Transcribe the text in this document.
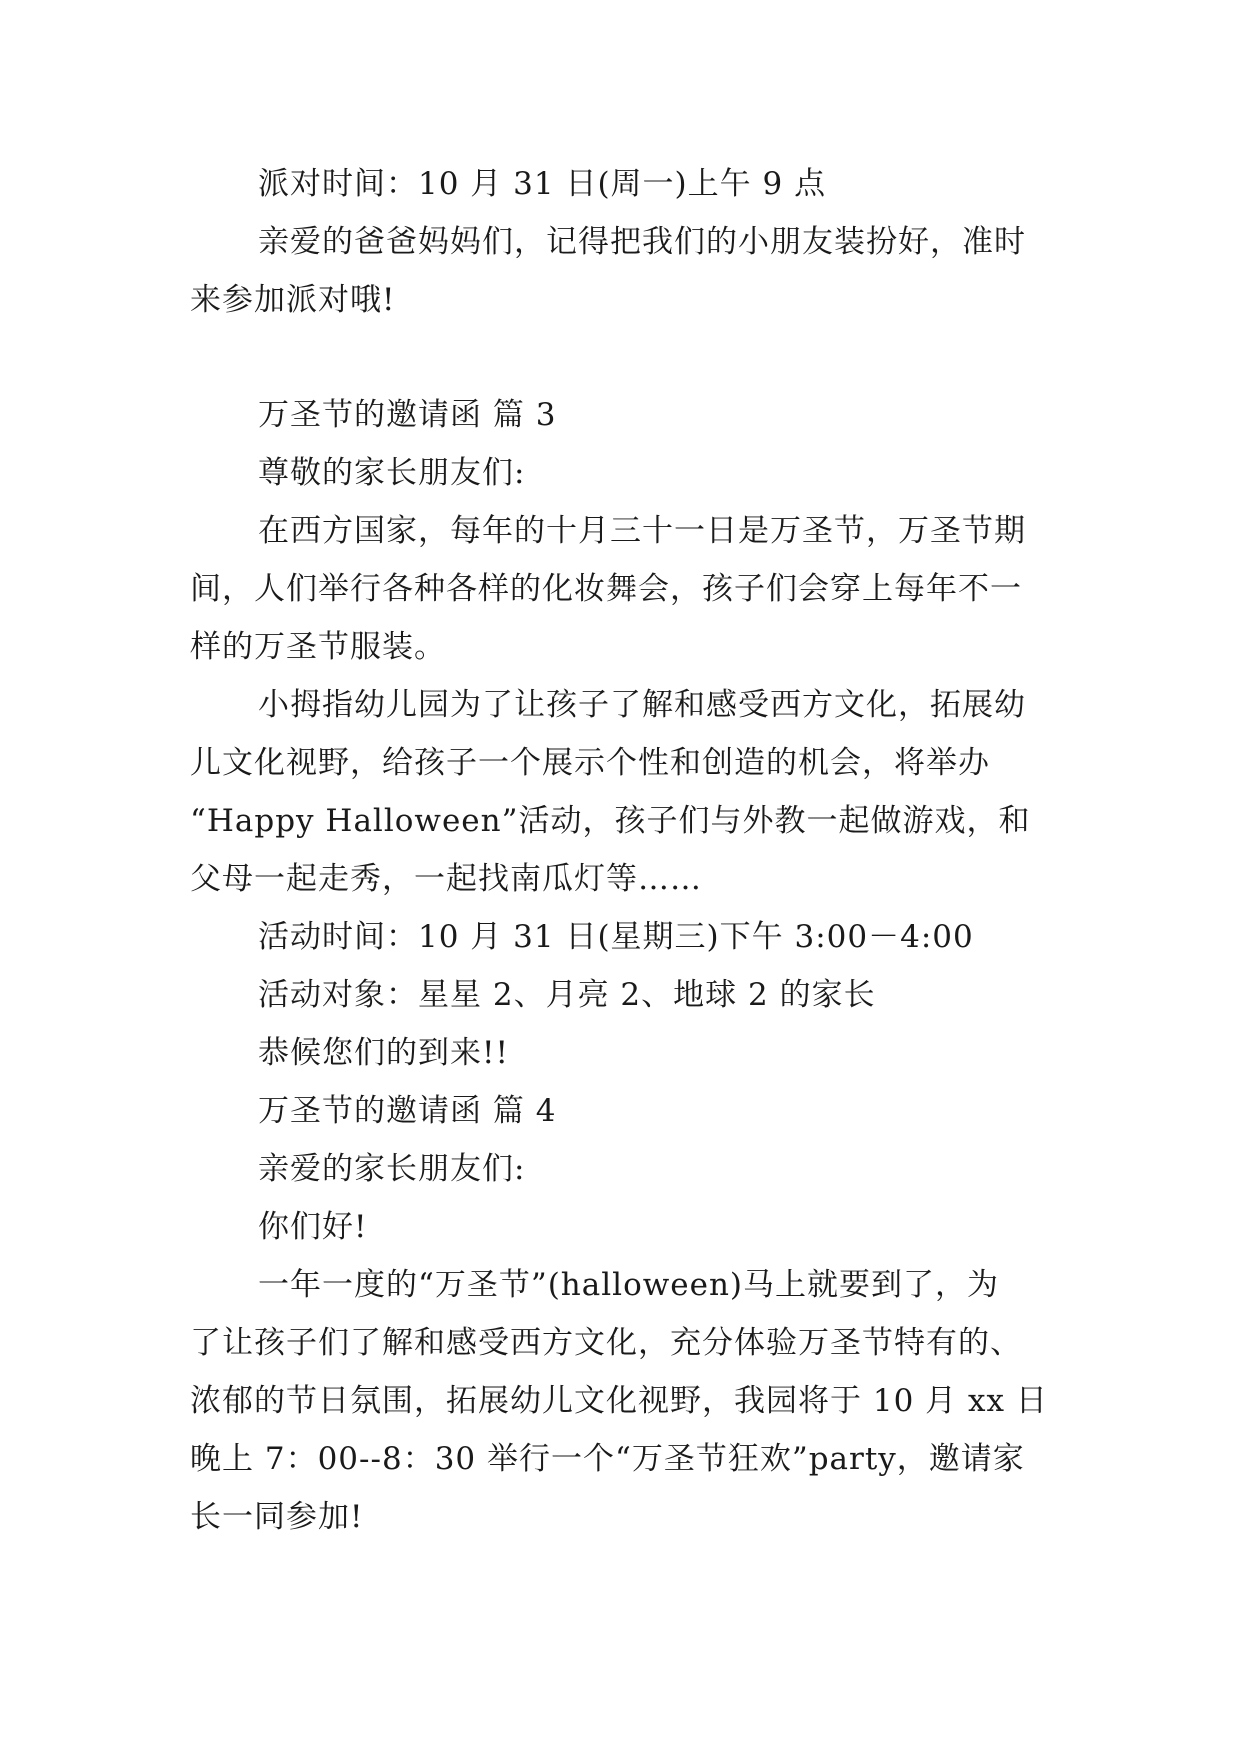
派对时间：10 月 31 日(周一)上午 9 点
亲爱的爸爸妈妈们，记得把我们的小朋友装扮好，准时
来参加派对哦!
万圣节的邀请函 篇 3
尊敬的家长朋友们:
在西方国家，每年的十月三十一日是万圣节，万圣节期
间，人们举行各种各样的化妆舞会，孩子们会穿上每年不一
样的万圣节服装。
小拇指幼儿园为了让孩子了解和感受西方文化，拓展幼
儿文化视野，给孩子一个展示个性和创造的机会，将举办
“Happy Halloween”活动，孩子们与外教一起做游戏，和
父母一起走秀，一起找南瓜灯等……
活动时间：10 月 31 日(星期三)下午 3:00－4:00
活动对象：星星 2、月亮 2、地球 2 的家长
恭候您们的到来!!
万圣节的邀请函 篇 4
亲爱的家长朋友们:
你们好!
一年一度的“万圣节”(halloween)马上就要到了，为
了让孩子们了解和感受西方文化，充分体验万圣节特有的、
浓郁的节日氛围，拓展幼儿文化视野，我园将于 10 月 xx 日
晚上 7：00--8：30 举行一个“万圣节狂欢”party，邀请家
长一同参加!
